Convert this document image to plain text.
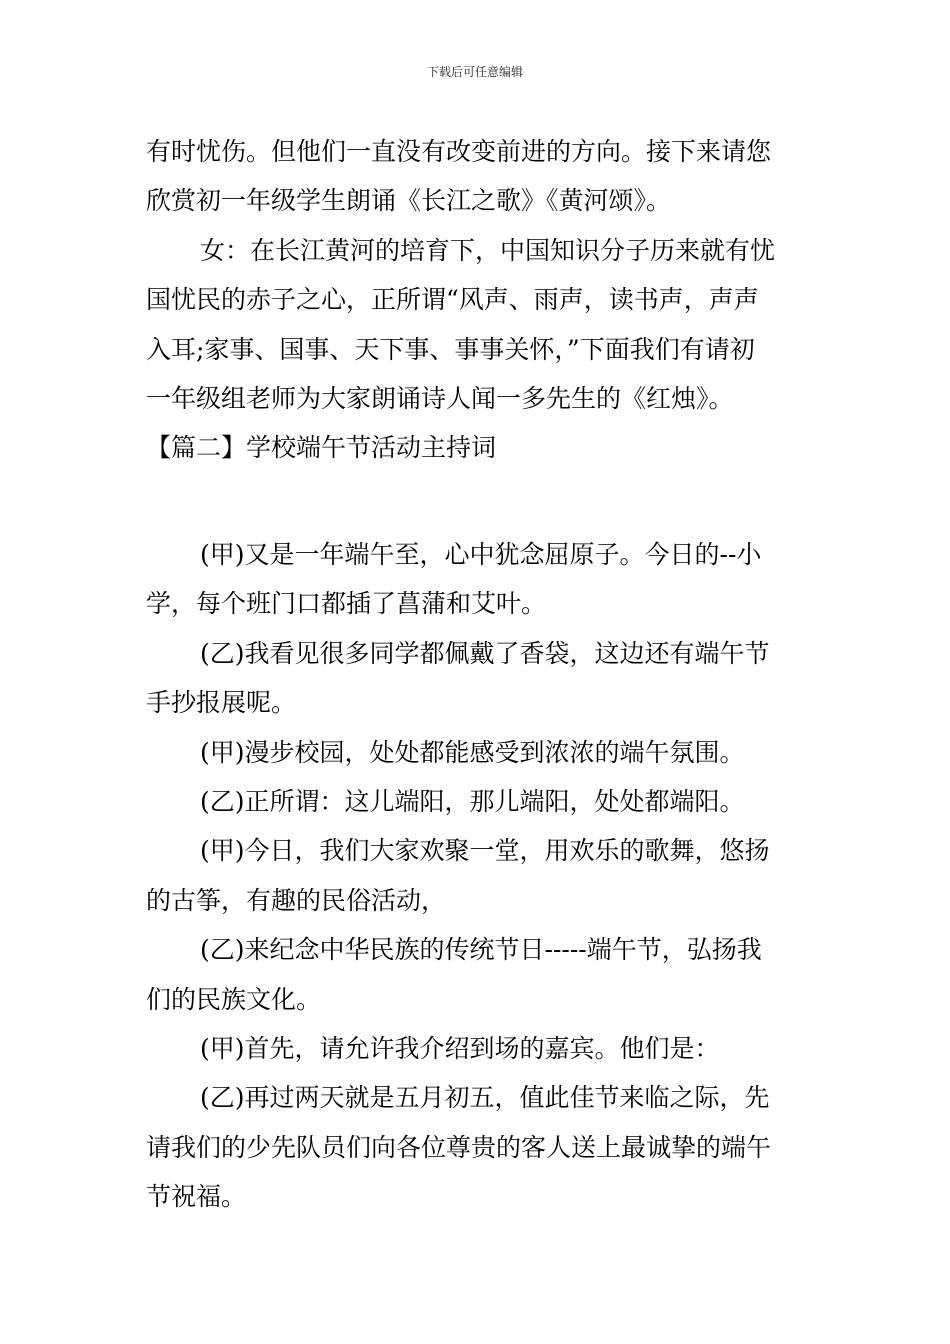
下载后可任意编辑
有时忧伤。但他们一直没有改变前进的方向。接下来请您
欣赏初一年级学生朗诵《长江之歌》《黄河颂》。
女：在长江黄河的培育下，中国知识分子历来就有忧
国忧民的赤子之心，正所谓“风声、雨声，读书声，声声
入耳;家事、国事、天下事、事事关怀，”下面我们有请初
一年级组老师为大家朗诵诗人闻一多先生的《红烛》。
【篇二】学校端午节活动主持词
(甲)又是一年端午至，心中犹念屈原子。今日的--小
学，每个班门口都插了菖蒲和艾叶。
(乙)我看见很多同学都佩戴了香袋，这边还有端午节
手抄报展呢。
(甲)漫步校园，处处都能感受到浓浓的端午氛围。
(乙)正所谓：这儿端阳，那儿端阳，处处都端阳。
(甲)今日，我们大家欢聚一堂，用欢乐的歌舞，悠扬
的古筝，有趣的民俗活动，
(乙)来纪念中华民族的传统节日-----端午节，弘扬我
们的民族文化。
(甲)首先，请允许我介绍到场的嘉宾。他们是：
(乙)再过两天就是五月初五，值此佳节来临之际，先
请我们的少先队员们向各位尊贵的客人送上最诚挚的端午
节祝福。
